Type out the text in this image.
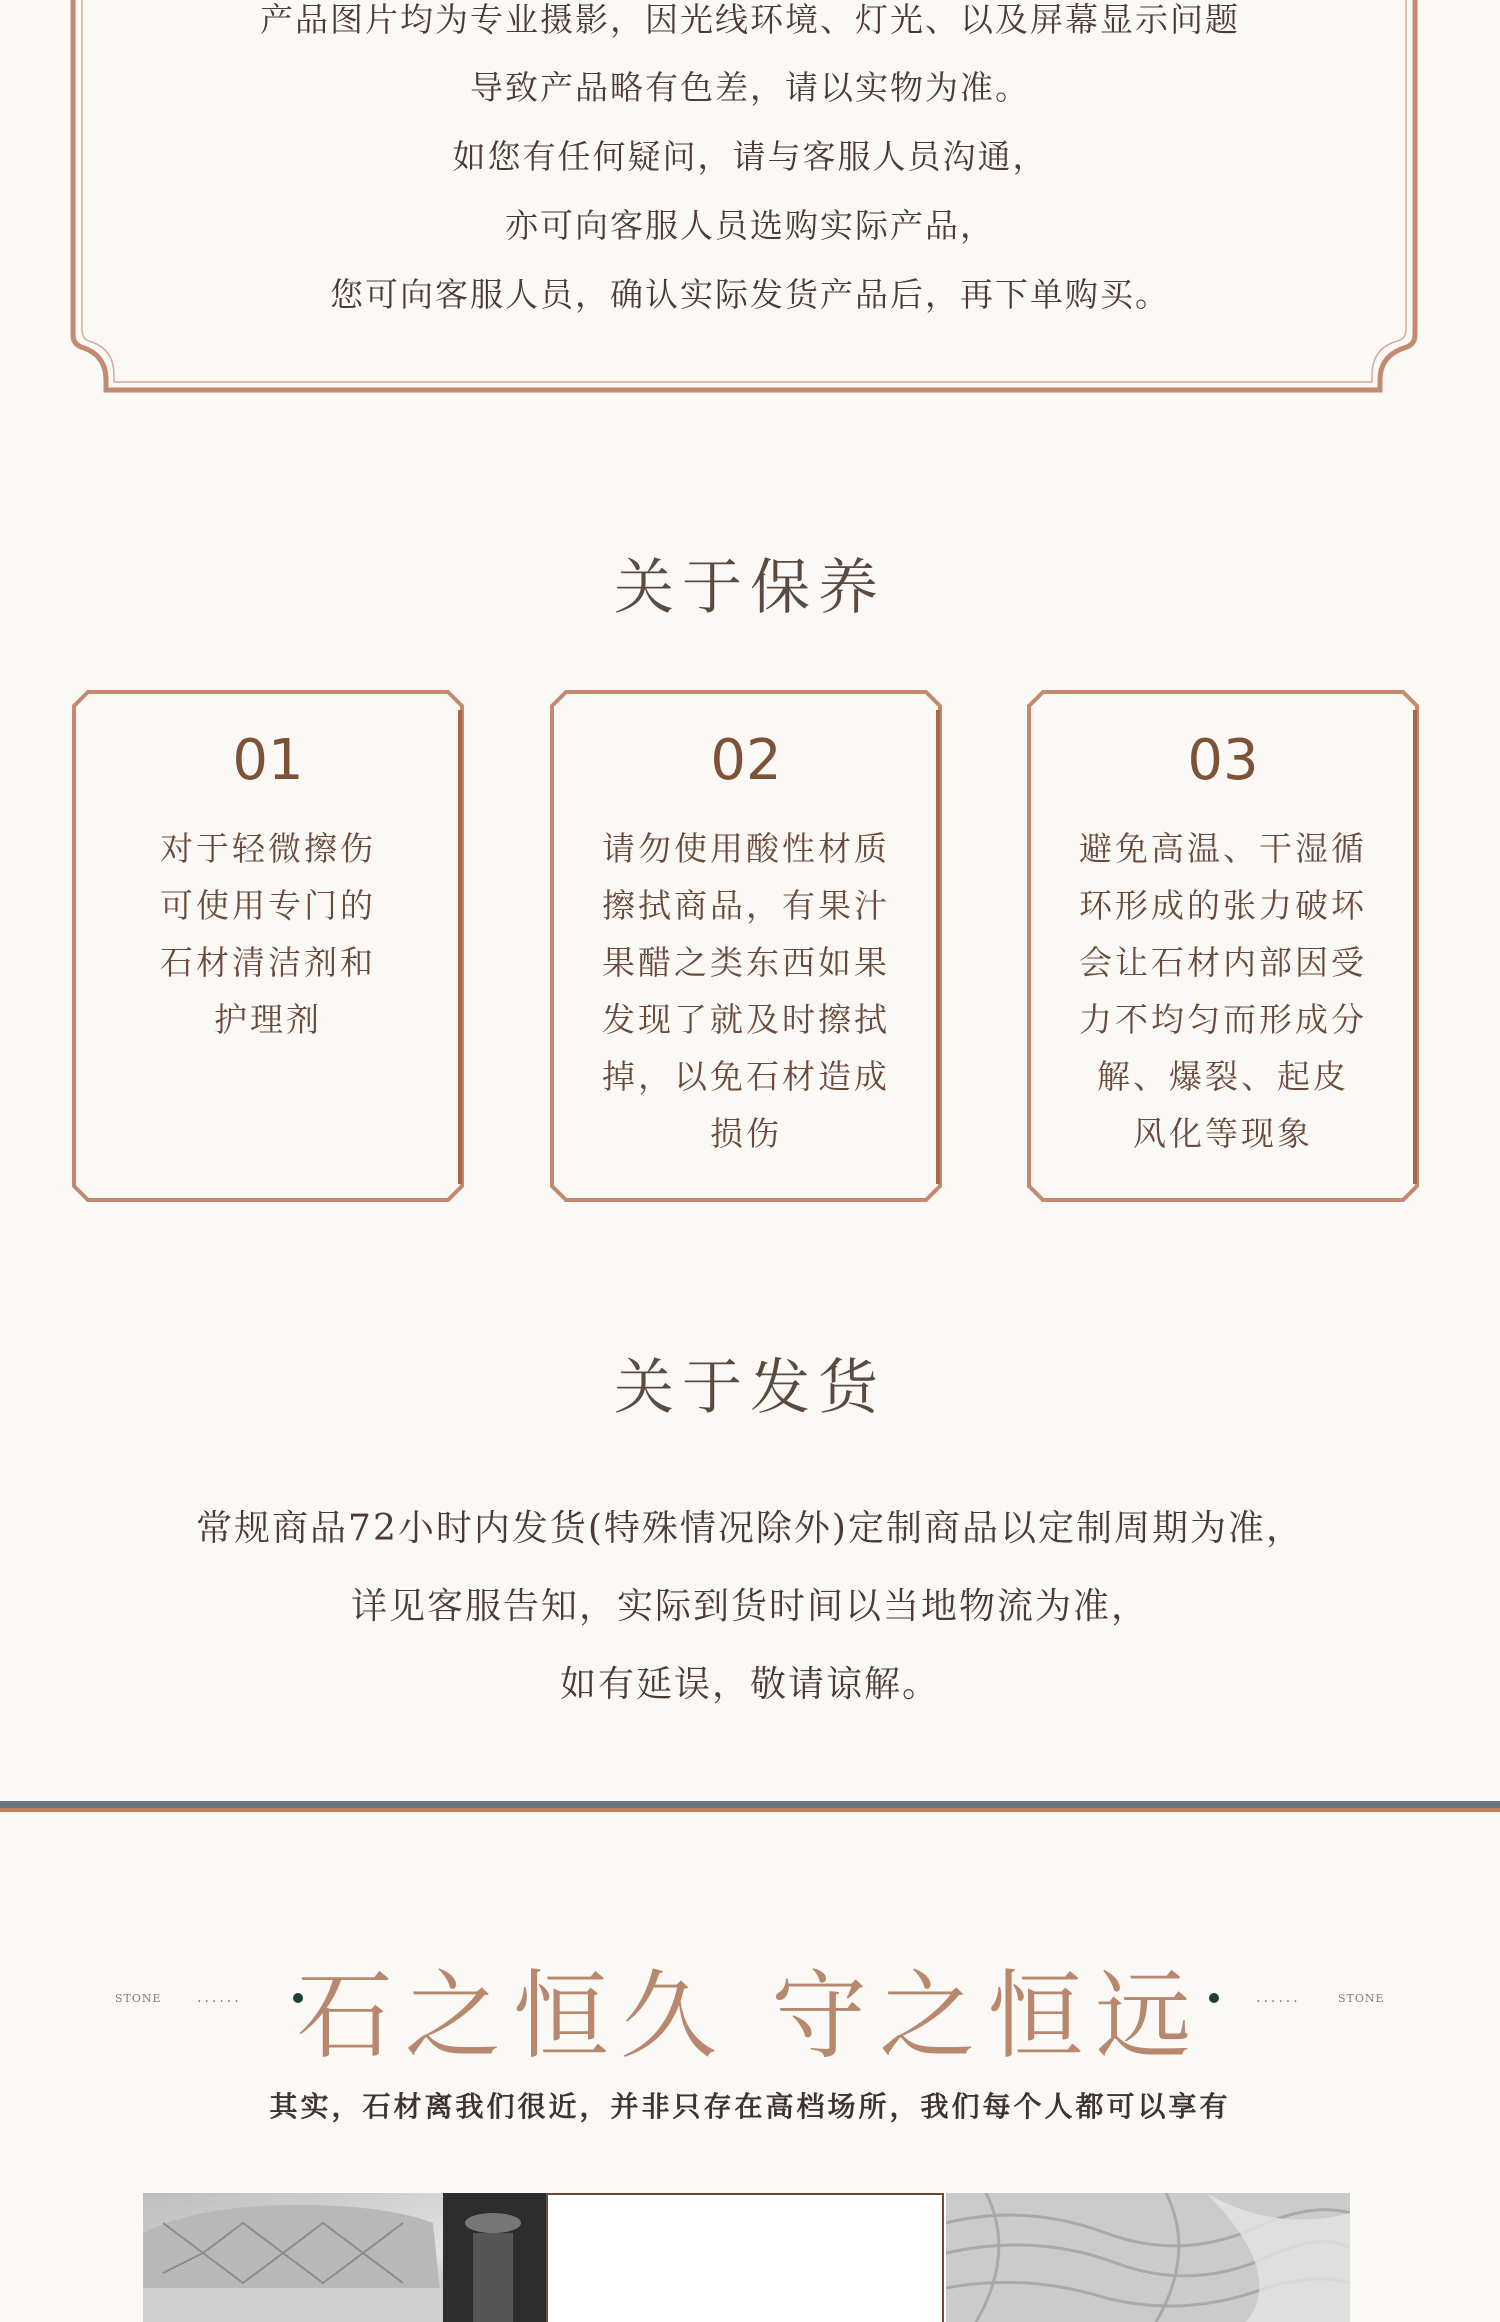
产品图片均为专业摄影，因光线环境、灯光、以及屏幕显示问题
导致产品略有色差，请以实物为准。
如您有任何疑问，请与客服人员沟通，
亦可向客服人员选购实际产品，
您可向客服人员，确认实际发货产品后，再下单购买。
关于保养
01
对于轻微擦伤
可使用专门的
石材清洁剂和
护理剂
02
请勿使用酸性材质
擦拭商品，有果汁
果醋之类东西如果
发现了就及时擦拭
掉，以免石材造成
损伤
03
避免高温、干湿循
环形成的张力破坏
会让石材内部因受
力不均匀而形成分
解、爆裂、起皮
风化等现象
关于发货
常规商品72小时内发货(特殊情况除外)定制商品以定制周期为准，
详见客服告知，实际到货时间以当地物流为准，
如有延误，敬请谅解。
STONE	...... 石之恒久 守之恒远	......	STONE
其实，石材离我们很近，并非只存在高档场所，我们每个人都可以享有
